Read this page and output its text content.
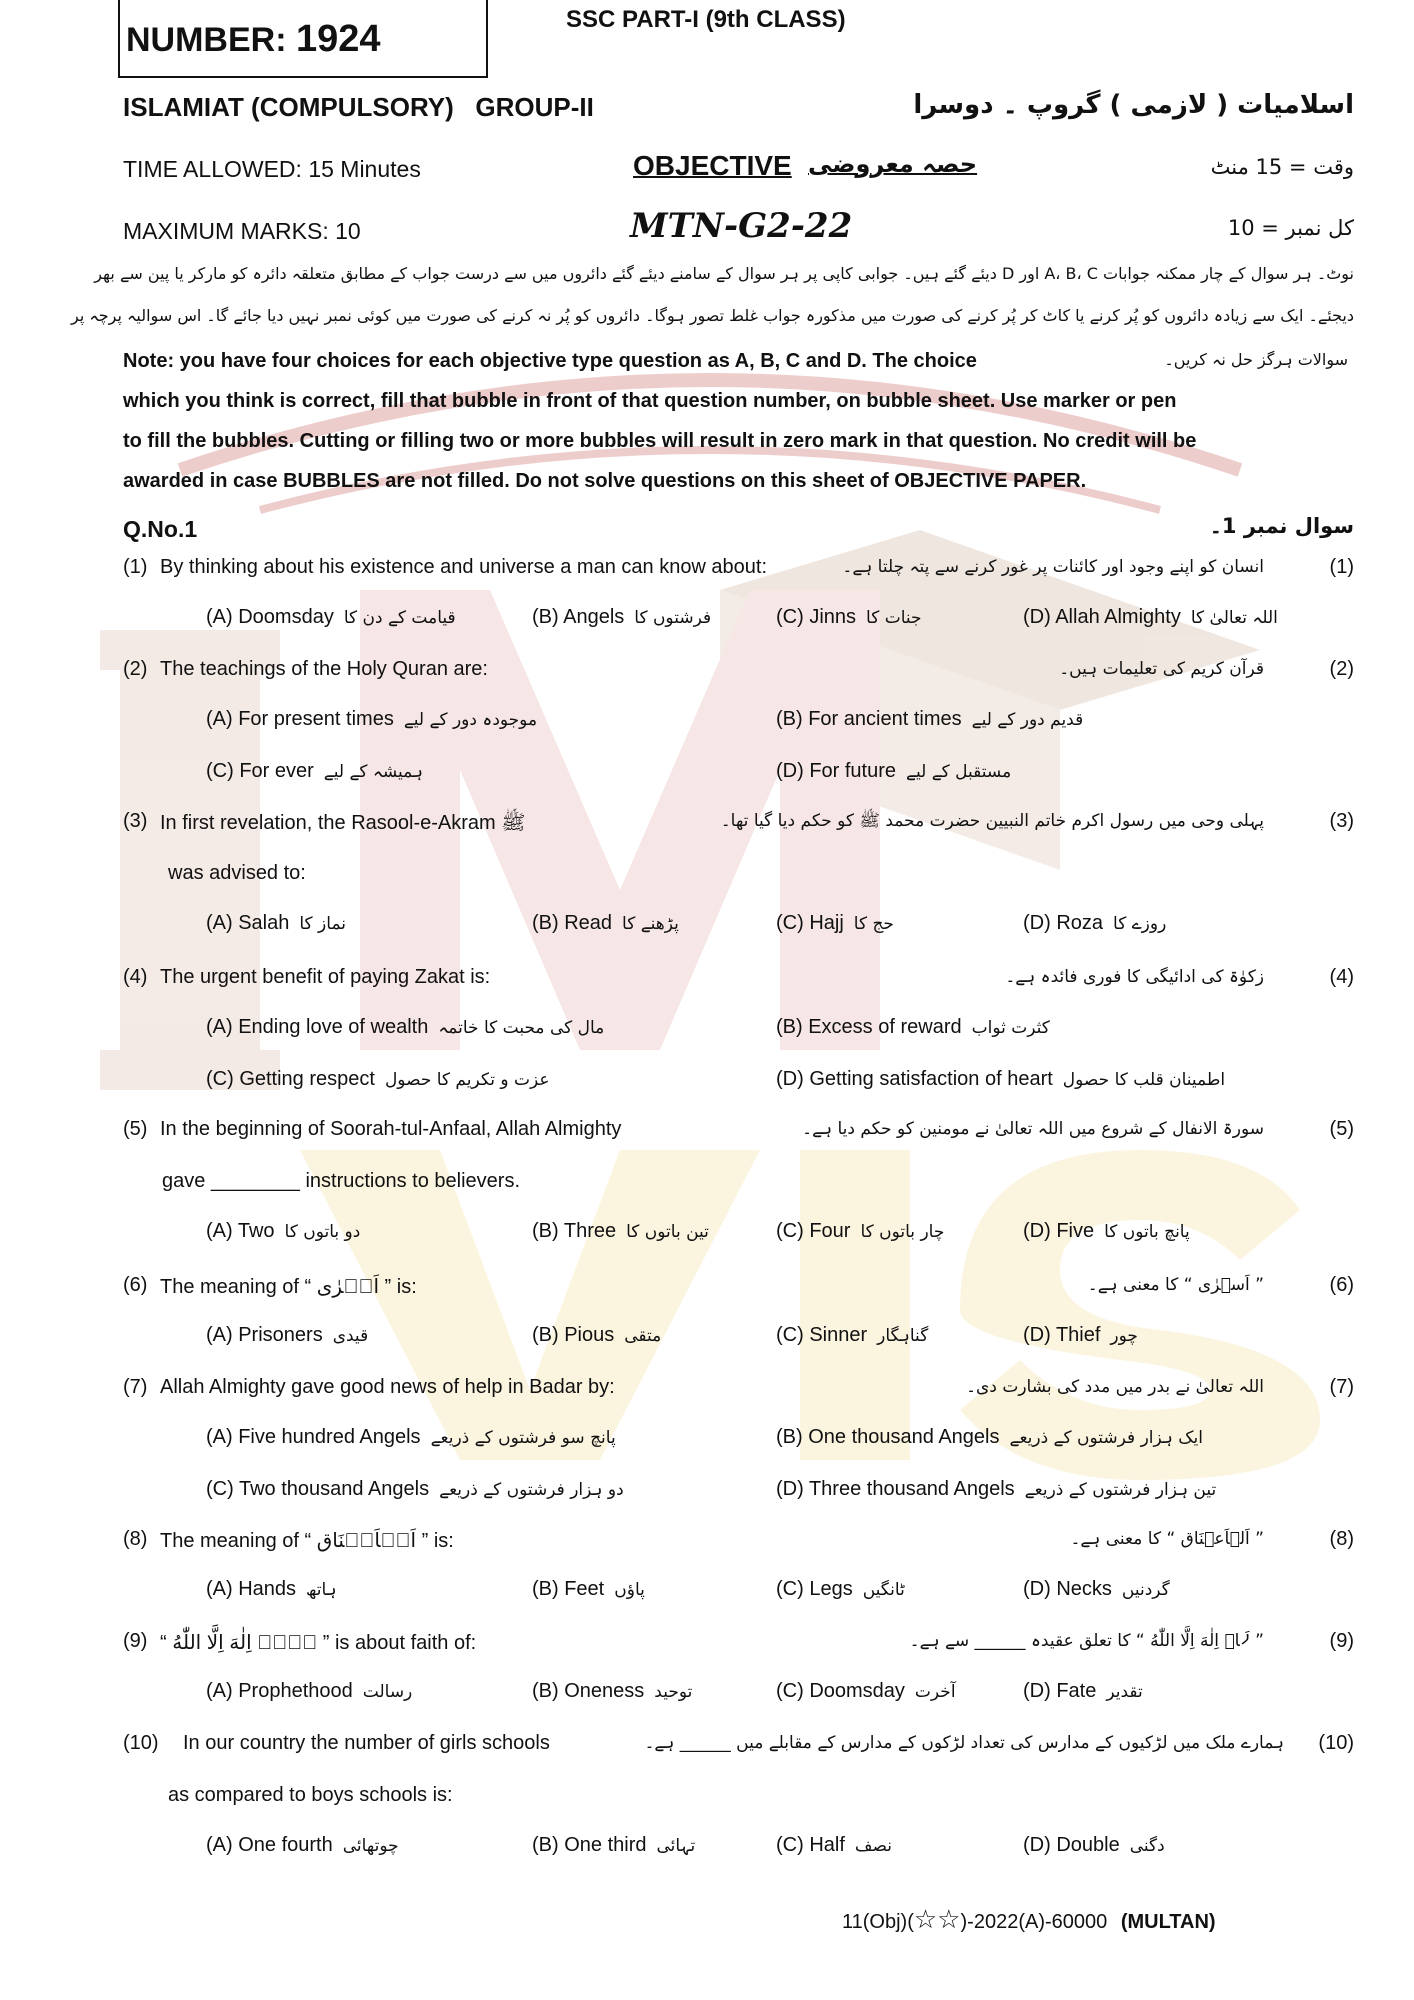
NUMBER: 1924	SSC PART-I (9th CLASS)
ISLAMIAT (COMPULSORY)   GROUP-II	اسلامیات ( لازمی ) گروپ ۔ دوسرا
TIME ALLOWED: 15 Minutes	OBJECTIVE حصہ معروضی	وقت = 15 منٹ
MAXIMUM MARKS: 10	MTN-G2-22	کل نمبر = 10
نوٹ۔ ہر سوال کے چار ممکنہ جوابات A، B، C اور D دیئے گئے ہیں۔ جوابی کاپی پر ہر سوال کے سامنے دیئے گئے دائروں میں سے درست جواب کے مطابق متعلقہ دائرہ کو مارکر یا پین سے بھر
دیجئے۔ ایک سے زیادہ دائروں کو پُر کرنے یا کاٹ کر پُر کرنے کی صورت میں مذکورہ جواب غلط تصور ہوگا۔ دائروں کو پُر نہ کرنے کی صورت میں کوئی نمبر نہیں دیا جائے گا۔ اس سوالیہ پرچہ پر
سوالات ہرگز حل نہ کریں۔
Note: you have four choices for each objective type question as A, B, C and D. The choice
which you think is correct, fill that bubble in front of that question number, on bubble sheet. Use marker or pen
to fill the bubbles. Cutting or filling two or more bubbles will result in zero mark in that question. No credit will be
awarded in case BUBBLES are not filled. Do not solve questions on this sheet of OBJECTIVE PAPER.
Q.No.1	سوال نمبر 1۔
(1) By thinking about his existence and universe a man can know about:	انسان کو اپنے وجود اور کائنات پر غور کرنے سے پتہ چلتا ہے۔	(1)
(A) Doomsday قیامت کے دن کا	(B) Angels فرشتوں کا	(C) Jinns جنات کا	(D) Allah Almighty اللہ تعالیٰ کا
(2) The teachings of the Holy Quran are:	قرآن کریم کی تعلیمات ہیں۔	(2)
(A) For present times موجودہ دور کے لیے	(B) For ancient times قدیم دور کے لیے
(C) For ever ہمیشہ کے لیے	(D) For future مستقبل کے لیے
(3) In first revelation, the Rasool-e-Akram ﷺ	پہلی وحی میں رسول اکرم خاتم النبیین حضرت محمد ﷺ کو حکم دیا گیا تھا۔	(3)
was advised to:
(A) Salah نماز کا	(B) Read پڑھنے کا	(C) Hajj حج کا	(D) Roza روزے کا
(4) The urgent benefit of paying Zakat is:	زکوٰۃ کی ادائیگی کا فوری فائدہ ہے۔	(4)
(A) Ending love of wealth مال کی محبت کا خاتمہ	(B) Excess of reward کثرت ثواب
(C) Getting respect عزت و تکریم کا حصول	(D) Getting satisfaction of heart اطمینان قلب کا حصول
(5) In the beginning of Soorah-tul-Anfaal, Allah Almighty	سورۃ الانفال کے شروع میں اللہ تعالیٰ نے مومنین کو حکم دیا ہے۔	(5)
gave ________ instructions to believers.
(A) Two دو باتوں کا	(B) Three تین باتوں کا	(C) Four چار باتوں کا	(D) Five پانچ باتوں کا
(6) The meaning of “ اَسۡرٰی ” is:	” اَسۡرٰی “ کا معنی ہے۔	(6)
(A) Prisoners قیدی	(B) Pious متقی	(C) Sinner گناہگار	(D) Thief چور
(7) Allah Almighty gave good news of help in Badar by:	اللہ تعالیٰ نے بدر میں مدد کی بشارت دی۔	(7)
(A) Five hundred Angels پانچ سو فرشتوں کے ذریعے	(B) One thousand Angels ایک ہزار فرشتوں کے ذریعے
(C) Two thousand Angels دو ہزار فرشتوں کے ذریعے	(D) Three thousand Angels تین ہزار فرشتوں کے ذریعے
(8) The meaning of “ اَلۡاَعۡنَاق ” is:	” اَلۡاَعۡنَاق “ کا معنی ہے۔	(8)
(A) Hands ہاتھ	(B) Feet پاؤں	(C) Legs ٹانگیں	(D) Necks گردنیں
(9) “ لَاۤ اِلٰهَ اِلَّا اللّٰهُ ” is about faith of:	” لَاۤ اِلٰهَ اِلَّا اللّٰهُ “ کا تعلق عقیدہ ______ سے ہے۔	(9)
(A) Prophethood رسالت	(B) Oneness توحید	(C) Doomsday آخرت	(D) Fate تقدیر
(10) In our country the number of girls schools	ہمارے ملک میں لڑکیوں کے مدارس کی تعداد لڑکوں کے مدارس کے مقابلے میں ______ ہے۔ (10)
as compared to boys schools is:
(A) One fourth چوتھائی	(B) One third تہائی	(C) Half نصف	(D) Double دگنی
11(Obj)(☆☆)-2022(A)-60000 (MULTAN)
